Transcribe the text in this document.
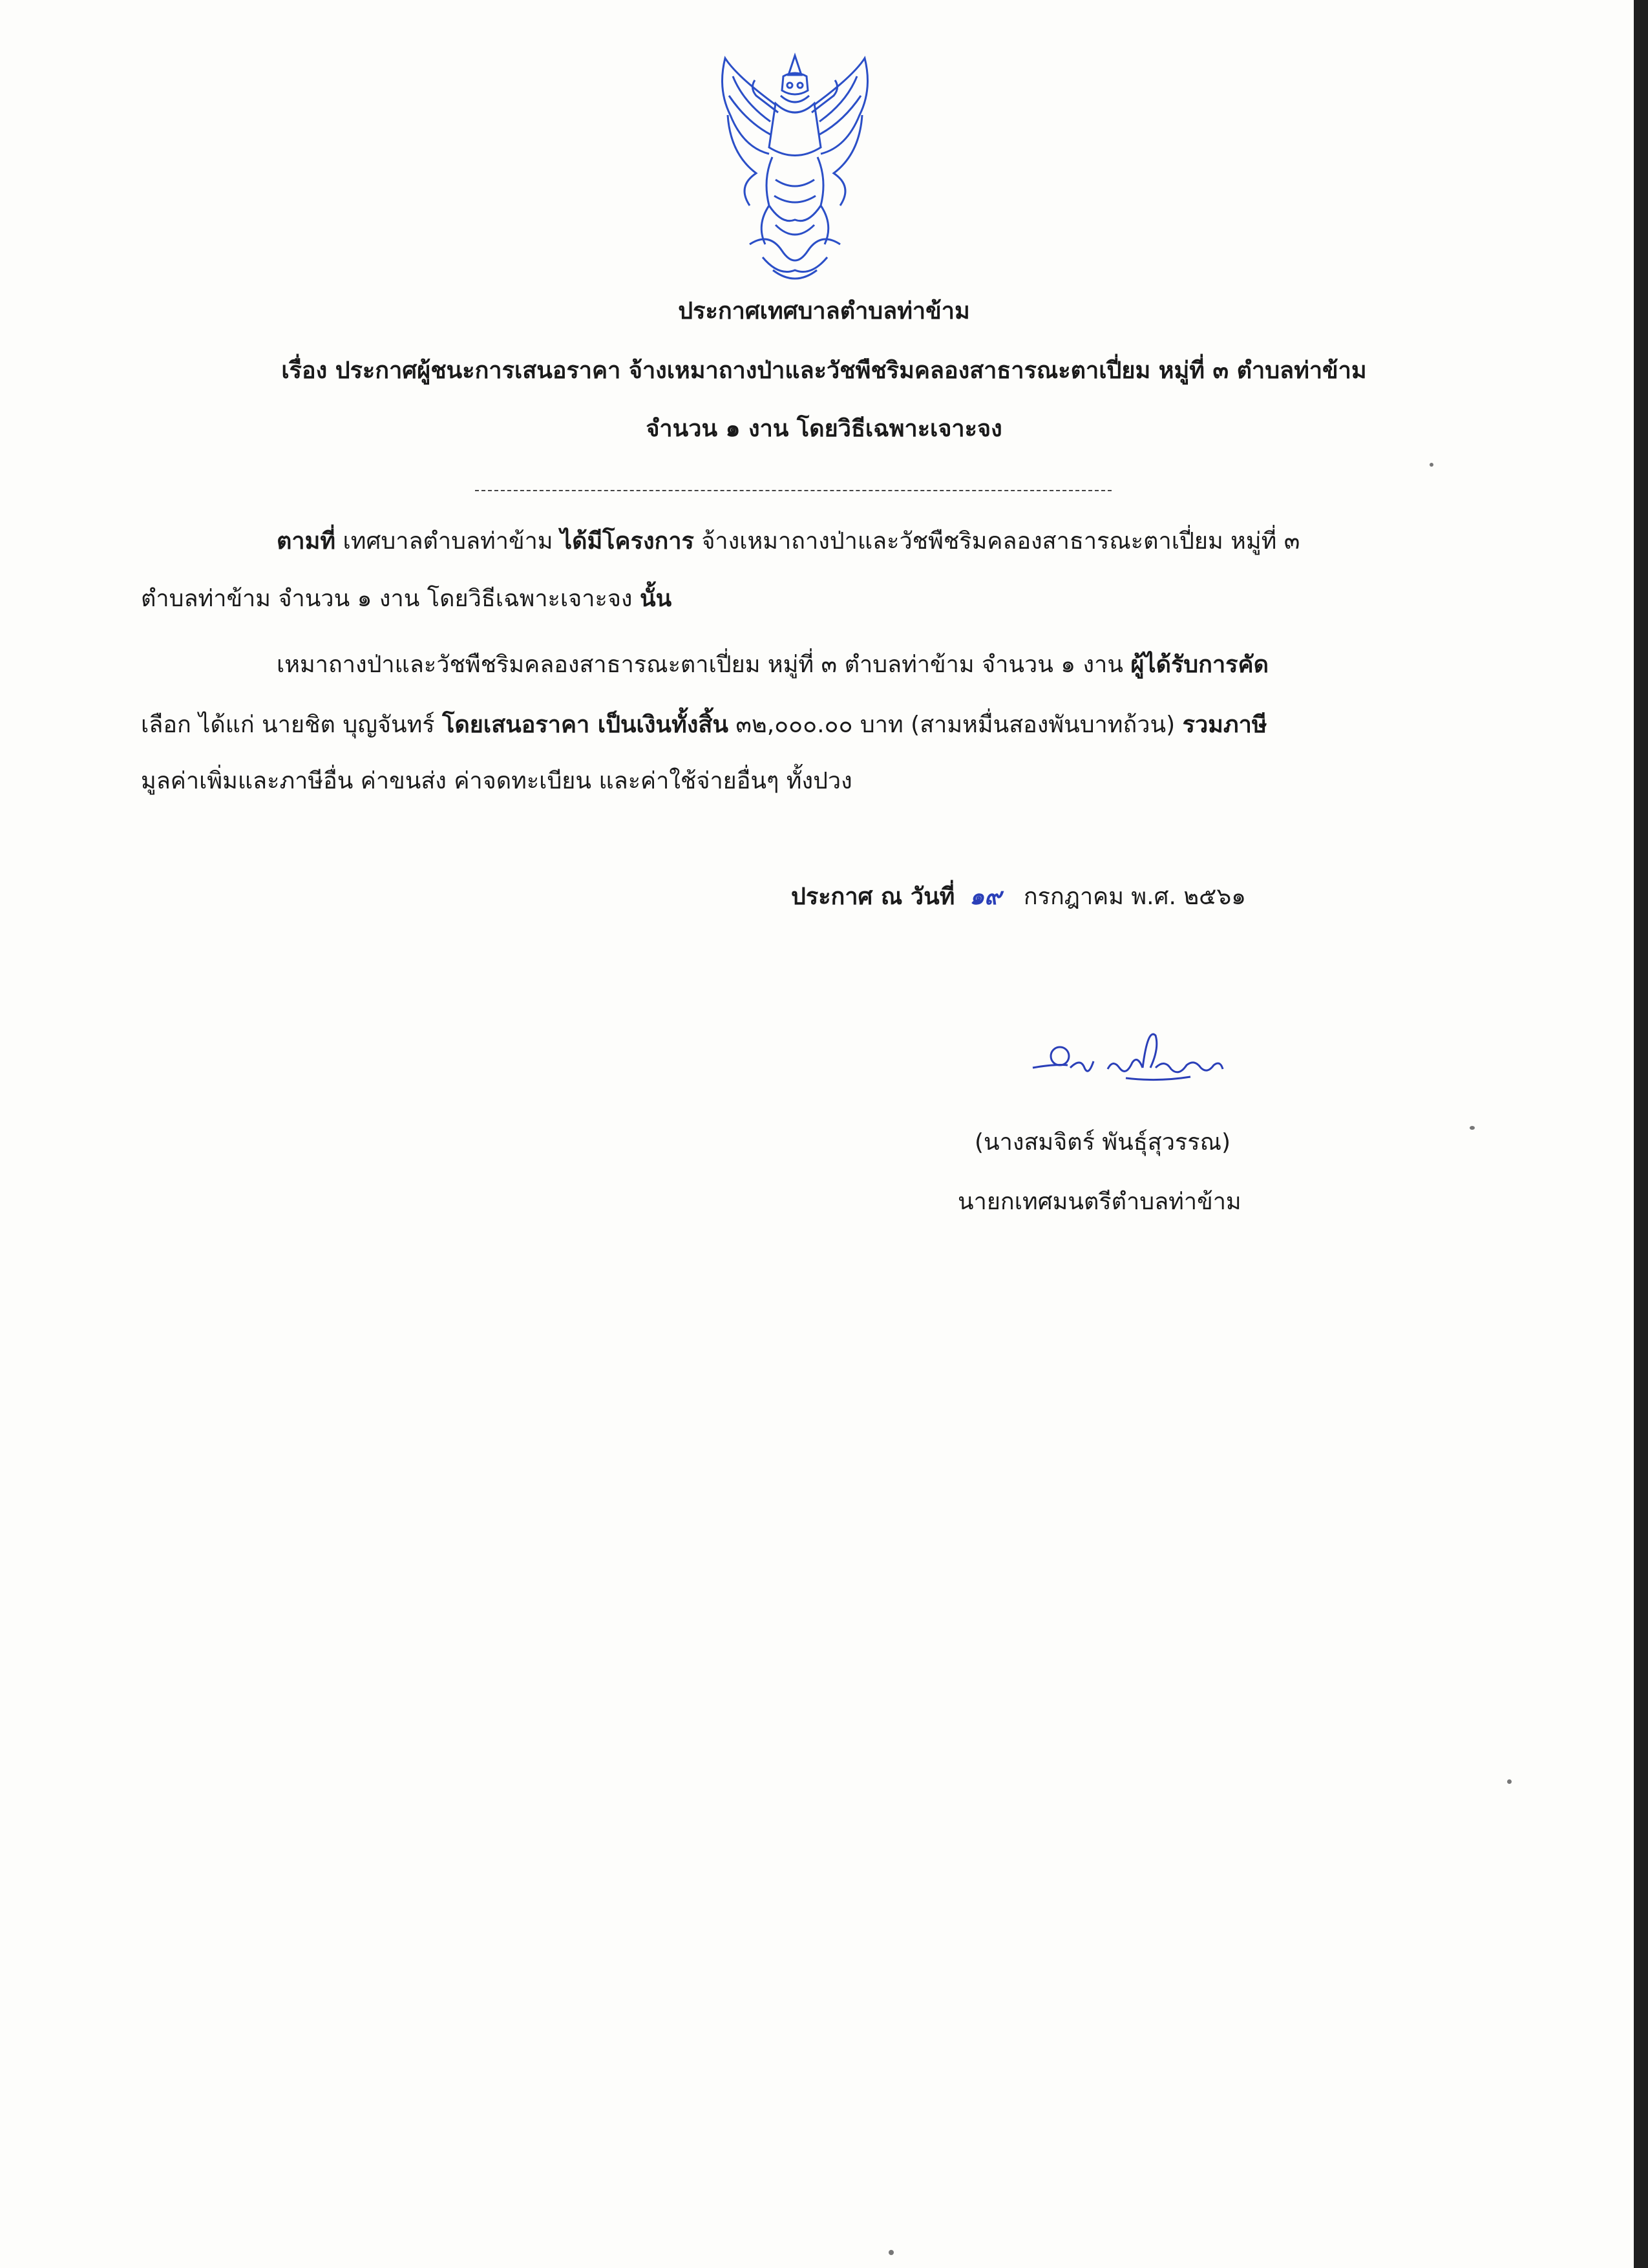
ประกาศเทศบาลตำบลท่าข้าม
เรื่อง ประกาศผู้ชนะการเสนอราคา จ้างเหมาถางป่าและวัชพืชริมคลองสาธารณะตาเปี่ยม หมู่ที่ ๓ ตำบลท่าข้าม
จำนวน ๑ งาน โดยวิธีเฉพาะเจาะจง
ตามที่ เทศบาลตำบลท่าข้าม ได้มีโครงการ จ้างเหมาถางป่าและวัชพืชริมคลองสาธารณะตาเปี่ยม หมู่ที่ ๓
ตำบลท่าข้าม จำนวน ๑ งาน โดยวิธีเฉพาะเจาะจง นั้น
เหมาถางป่าและวัชพืชริมคลองสาธารณะตาเปี่ยม หมู่ที่ ๓ ตำบลท่าข้าม จำนวน ๑ งาน ผู้ได้รับการคัด
เลือก ได้แก่ นายชิต บุญจันทร์ โดยเสนอราคา เป็นเงินทั้งสิ้น ๓๒,๐๐๐.๐๐ บาท (สามหมื่นสองพันบาทถ้วน) รวมภาษี
มูลค่าเพิ่มและภาษีอื่น ค่าขนส่ง ค่าจดทะเบียน และค่าใช้จ่ายอื่นๆ ทั้งปวง
ประกาศ ณ วันที่ ๑๙ กรกฎาคม พ.ศ. ๒๕๖๑
(นางสมจิตร์ พันธุ์สุวรรณ)
นายกเทศมนตรีตำบลท่าข้าม
